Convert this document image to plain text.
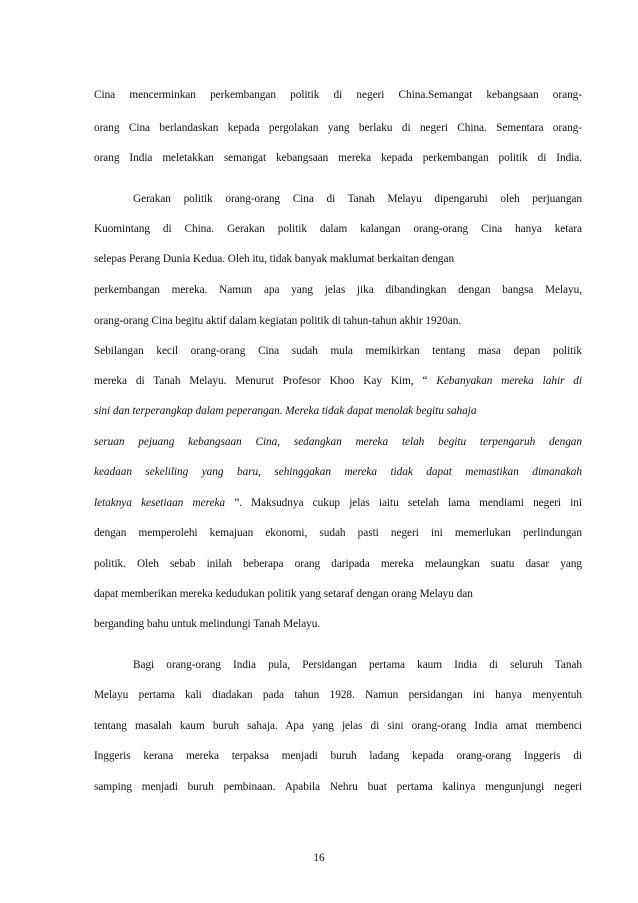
Cina mencerminkan perkembangan politik di negeri China.Semangat kebangsaan orang-
orang Cina berlandaskan kepada pergolakan yang berlaku di negeri China. Sementara orang-
orang India meletakkan semangat kebangsaan mereka kepada perkembangan politik di India.
Gerakan politik orang-orang Cina di Tanah Melayu dipengaruhi oleh perjuangan
Kuomintang di China. Gerakan politik dalam kalangan orang-orang Cina hanya ketara
selepas Perang Dunia Kedua. Oleh itu, tidak banyak maklumat berkaitan dengan
perkembangan mereka. Namun apa yang jelas jika dibandingkan dengan bangsa Melayu,
orang-orang Cina begitu aktif dalam kegiatan politik di tahun-tahun akhir 1920an.
Sebilangan kecil orang-orang Cina sudah mula memikirkan tentang masa depan politik
mereka di Tanah Melayu. Menurut Profesor Khoo Kay Kim, “ Kebanyakan mereka lahir di
sini dan terperangkap dalam peperangan. Mereka tidak dapat menolak begitu sahaja
seruan pejuang kebangsaan Cina, sedangkan mereka telah begitu terpengaruh dengan
keadaan sekeliling yang baru, sehinggakan mereka tidak dapat memastikan dimanakah
letaknya kesetiaan mereka ”. Maksudnya cukup jelas iaitu setelah lama mendiami negeri ini
dengan memperolehi kemajuan ekonomi, sudah pasti negeri ini memerlukan perlindungan
politik. Oleh sebab inilah beberapa orang daripada mereka melaungkan suatu dasar yang
dapat memberikan mereka kedudukan politik yang setaraf dengan orang Melayu dan
berganding bahu untuk melindungi Tanah Melayu.
Bagi orang-orang India pula, Persidangan pertama kaum India di seluruh Tanah
Melayu pertama kali diadakan pada tahun 1928. Namun persidangan ini hanya menyentuh
tentang masalah kaum buruh sahaja. Apa yang jelas di sini orang-orang India amat membenci
Inggeris kerana mereka terpaksa menjadi buruh ladang kepada orang-orang Inggeris di
samping menjadi buruh pembinaan. Apabila Nehru buat pertama kalinya mengunjungi negeri
16
